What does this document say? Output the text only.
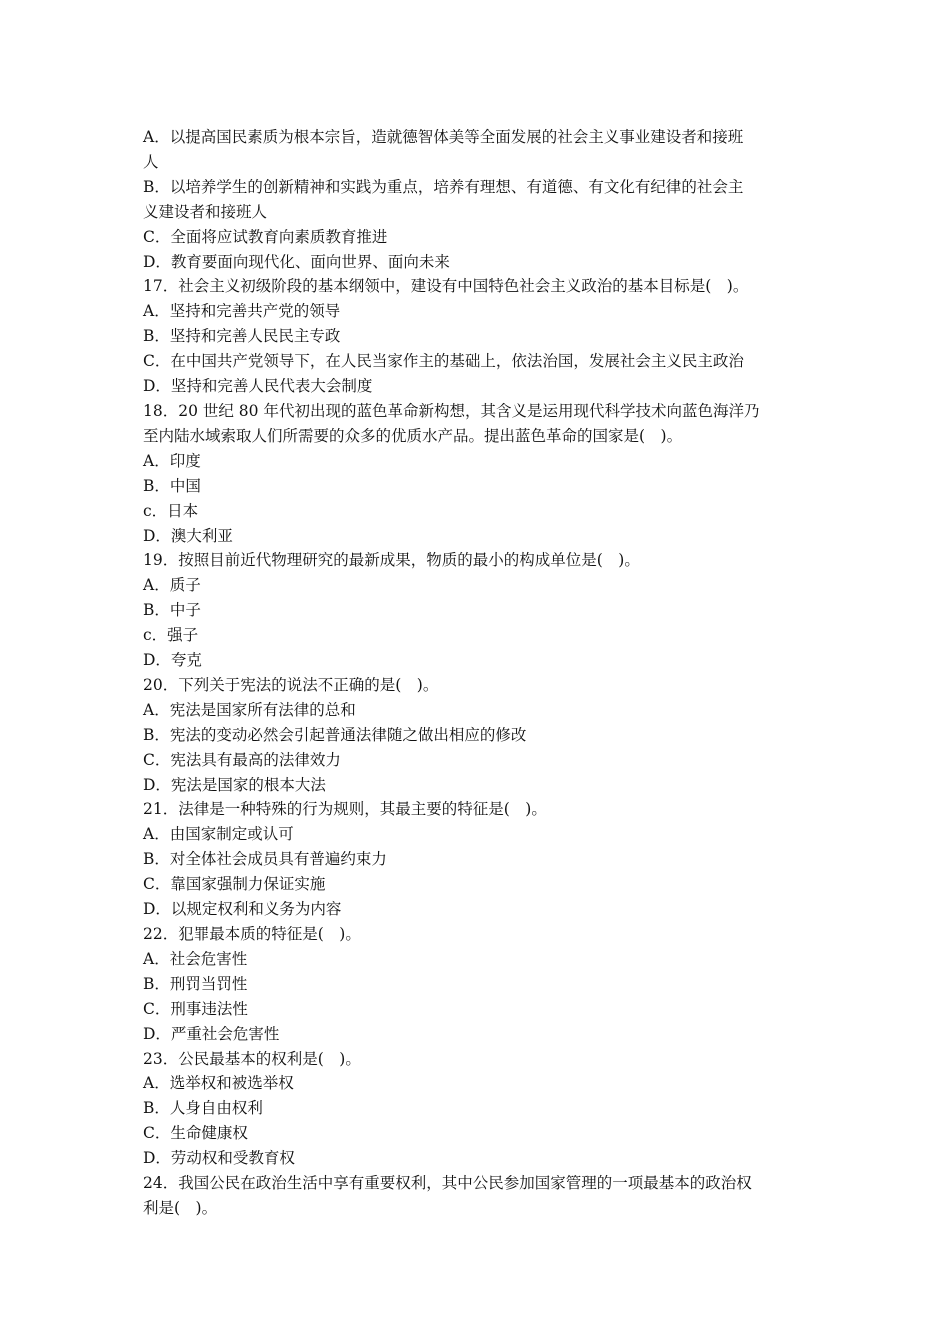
A．以提高国民素质为根本宗旨，造就德智体美等全面发展的社会主义事业建设者和接班

人

B．以培养学生的创新精神和实践为重点，培养有理想、有道德、有文化有纪律的社会主

义建设者和接班人

C．全面将应试教育向素质教育推进

D．教育要面向现代化、面向世界、面向未来

17．社会主义初级阶段的基本纲领中，建设有中国特色社会主义政治的基本目标是(　)。

A．坚持和完善共产党的领导

B．坚持和完善人民民主专政

C．在中国共产党领导下，在人民当家作主的基础上，依法治国，发展社会主义民主政治

D．坚持和完善人民代表大会制度

18．20 世纪 80 年代初出现的蓝色革命新构想，其含义是运用现代科学技术向蓝色海洋乃

至内陆水域索取人们所需要的众多的优质水产品。提出蓝色革命的国家是(　)。

A．印度

B．中国

c．日本

D．澳大利亚

19．按照目前近代物理研究的最新成果，物质的最小的构成单位是(　)。

A．质子

B．中子

c．强子

D．夸克

20．下列关于宪法的说法不正确的是(　)。

A．宪法是国家所有法律的总和

B．宪法的变动必然会引起普通法律随之做出相应的修改

C．宪法具有最高的法律效力

D．宪法是国家的根本大法

21．法律是一种特殊的行为规则，其最主要的特征是(　)。

A．由国家制定或认可

B．对全体社会成员具有普遍约束力

C．靠国家强制力保证实施

D．以规定权利和义务为内容

22．犯罪最本质的特征是(　)。

A．社会危害性

B．刑罚当罚性

C．刑事违法性

D．严重社会危害性

23．公民最基本的权利是(　)。

A．选举权和被选举权

B．人身自由权利

C．生命健康权

D．劳动权和受教育权

24．我国公民在政治生活中享有重要权利，其中公民参加国家管理的一项最基本的政治权

利是(　)。
